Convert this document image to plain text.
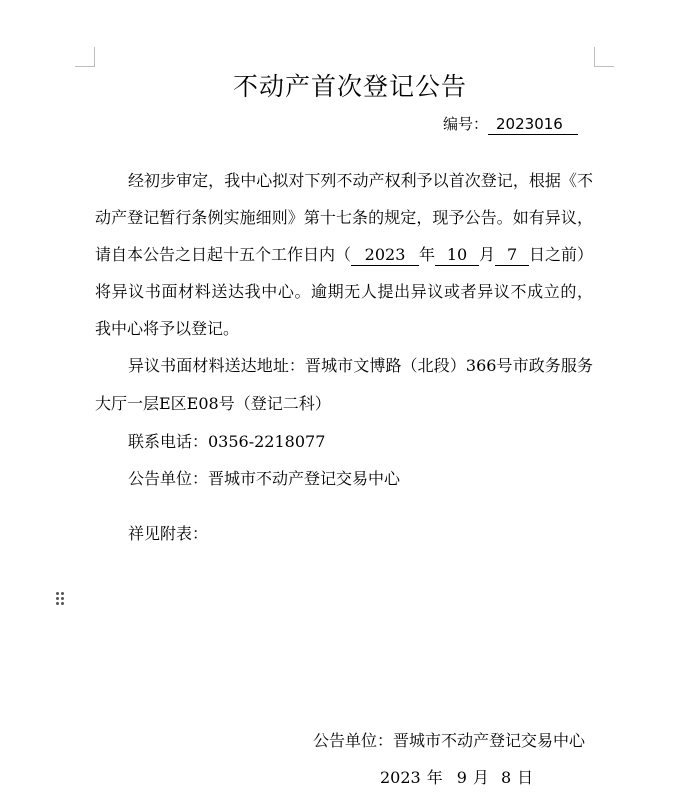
不动产首次登记公告
编号： 2023016
经初步审定，我中心拟对下列不动产权利予以首次登记，根据《不
动产登记暂行条例实施细则》第十七条的规定，现予公告。如有异议，
请自本公告之日起十五个工作日内（ 2023 年 10 月 7 日之前）
将异议书面材料送达我中心。逾期无人提出异议或者异议不成立的，
我中心将予以登记。
异议书面材料送达地址：晋城市文博路（北段）366号市政务服务
大厅一层E区E08号（登记二科）
联系电话：0356-2218077
公告单位：晋城市不动产登记交易中心
祥见附表：
公告单位：晋城市不动产登记交易中心
2023 年 9 月 8 日
